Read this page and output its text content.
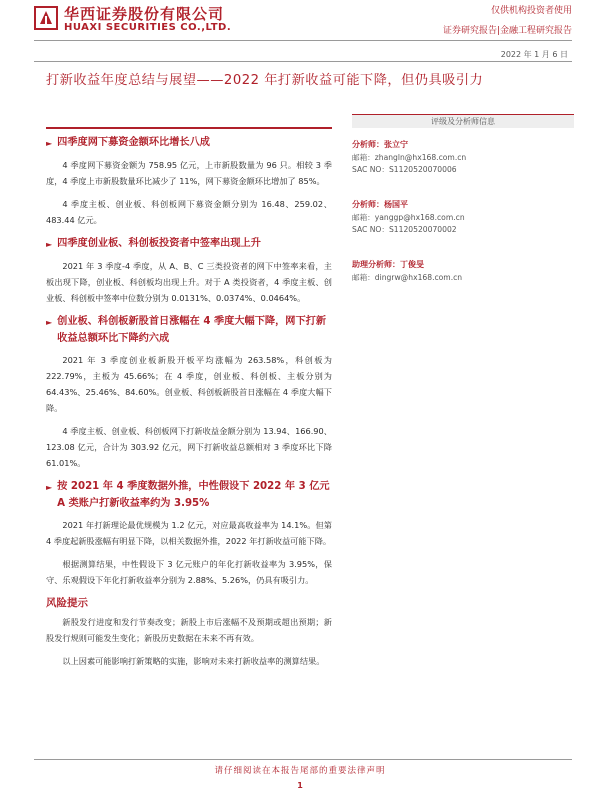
华西证券股份有限公司
HUAXI SECURITIES CO.,LTD.
仅供机构投资者使用
证券研究报告|金融工程研究报告
2022 年 1 月 6 日
打新收益年度总结与展望——2022 年打新收益可能下降，但仍具吸引力
► 四季度网下募资金额环比增长八成

4 季度网下募资金额为 758.95 亿元，上市新股数量为 96 只。相较 3 季度，4 季度上市新股数量环比减少了 11%，网下募资金额环比增加了 85%。

4 季度主板、创业板、科创板网下募资金额分别为 16.48、259.02、483.44 亿元。

► 四季度创业板、科创板投资者中签率出现上升

2021 年 3 季度-4 季度，从 A、B、C 三类投资者的网下中签率来看，主板出现下降，创业板、科创板均出现上升。对于 A 类投资者，4 季度主板、创业板、科创板中签率中位数分别为 0.0131%、0.0374%、0.0464%。

► 创业板、科创板新股首日涨幅在 4 季度大幅下降，网下打新收益总额环比下降约六成

2021 年 3 季度创业板新股开板平均涨幅为 263.58%，科创板为 222.79%，主板为 45.66%；在 4 季度，创业板、科创板、主板分别为 64.43%、25.46%、84.60%。创业板、科创板新股首日涨幅在 4 季度大幅下降。

4 季度主板、创业板、科创板网下打新收益金额分别为 13.94、166.90、123.08 亿元，合计为 303.92 亿元，网下打新收益总额相对 3 季度环比下降 61.01%。

► 按 2021 年 4 季度数据外推，中性假设下 2022 年 3 亿元 A 类账户打新收益率约为 3.95%

2021 年打新理论最优规模为 1.2 亿元，对应最高收益率为 14.1%。但第 4 季度起新股涨幅有明显下降，以相关数据外推，2022 年打新收益可能下降。

根据测算结果，中性假设下 3 亿元账户的年化打新收益率为 3.95%，保守、乐观假设下年化打新收益率分别为 2.88%、5.26%，仍具有吸引力。

风险提示

新股发行进度和发行节奏改变；新股上市后涨幅不及预期或超出预期；新股发行规则可能发生变化；新股历史数据在未来不再有效。

以上因素可能影响打新策略的实施，影响对未来打新收益率的测算结果。

评级及分析师信息
分析师：张立宁
邮箱：zhangln@hx168.com.cn
SAC NO：S1120520070006
分析师：杨国平
邮箱：yanggp@hx168.com.cn
SAC NO：S1120520070002
助理分析师：丁俊旻
邮箱：dingrw@hx168.com.cn
请仔细阅读在本报告尾部的重要法律声明
1
